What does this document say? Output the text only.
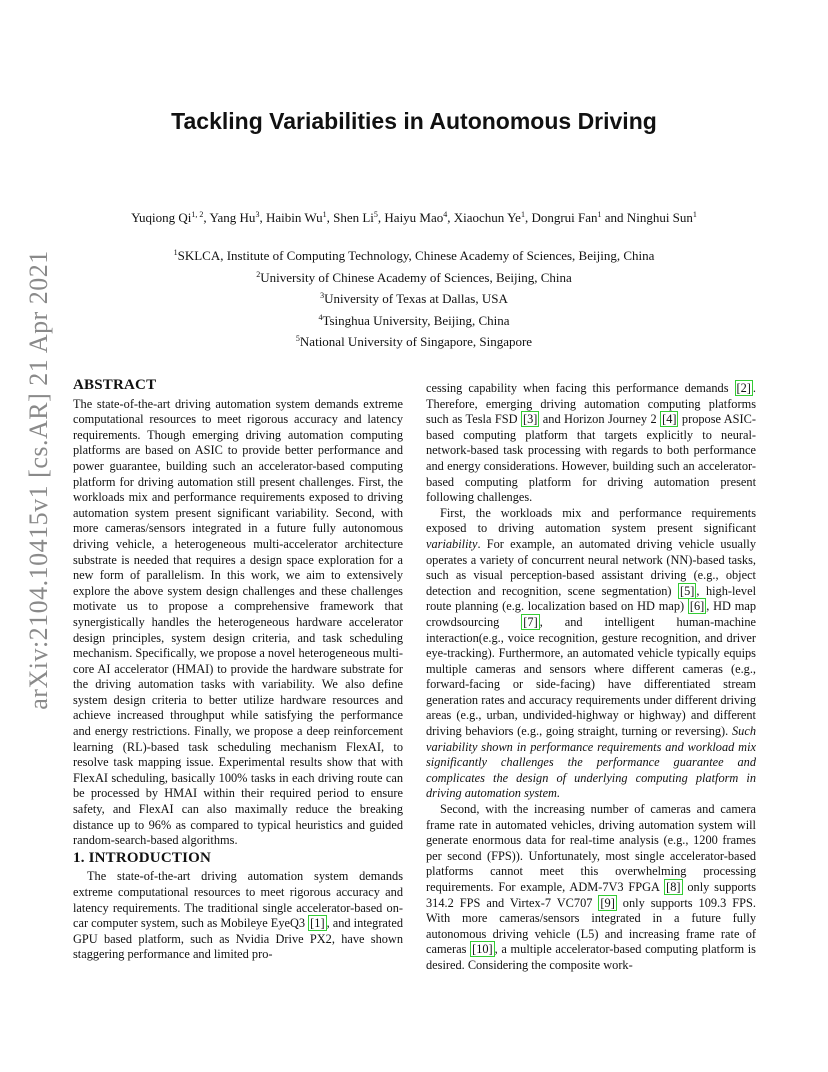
arXiv:2104.10415v1 [cs.AR] 21 Apr 2021
Tackling Variabilities in Autonomous Driving
Yuqiong Qi$^{1, 2}$, Yang Hu$^3$, Haibin Wu$^1$, Shen Li$^5$, Haiyu Mao$^4$, Xiaochun Ye$^1$, Dongrui Fan$^1$ and Ninghui Sun$^1$
$^1$SKLCA, Institute of Computing Technology, Chinese Academy of Sciences, Beijing, China
$^2$University of Chinese Academy of Sciences, Beijing, China
$^3$University of Texas at Dallas, USA
$^4$Tsinghua University, Beijing, China
$^5$National University of Singapore, Singapore
ABSTRACT

The state-of-the-art driving automation system demands extreme computational resources to meet rigorous accuracy and latency requirements. Though emerging driving automation computing platforms are based on ASIC to provide better performance and power guarantee, building such an accelerator-based computing platform for driving automation still present challenges. First, the workloads mix and performance requirements exposed to driving automation system present significant variability. Second, with more cameras/sensors integrated in a future fully autonomous driving vehicle, a heterogeneous multi-accelerator architecture substrate is needed that requires a design space exploration for a new form of parallelism. In this work, we aim to extensively explore the above system design challenges and these challenges motivate us to propose a comprehensive framework that synergistically handles the heterogeneous hardware accelerator design principles, system design criteria, and task scheduling mechanism. Specifically, we propose a novel heterogeneous multi-core AI accelerator (HMAI) to provide the hardware substrate for the driving automation tasks with variability. We also define system design criteria to better utilize hardware resources and achieve increased throughput while satisfying the performance and energy restrictions. Finally, we propose a deep reinforcement learning (RL)-based task scheduling mechanism FlexAI, to resolve task mapping issue. Experimental results show that with FlexAI scheduling, basically 100% tasks in each driving route can be processed by HMAI within their required period to ensure safety, and FlexAI can also maximally reduce the breaking distance up to 96% as compared to typical heuristics and guided random-search-based algorithms.

1. INTRODUCTION

The state-of-the-art driving automation system demands extreme computational resources to meet rigorous accuracy and latency requirements. The traditional single accelerator-based on-car computer system, such as Mobileye EyeQ3 [1] , and integrated GPU based platform, such as Nvidia Drive PX2, have shown staggering performance and limited pro-

cessing capability when facing this performance demands [2] . Therefore, emerging driving automation computing platforms such as Tesla FSD [3] and Horizon Journey 2 [4] propose ASIC-based computing platform that targets explicitly to neural-network-based task processing with regards to both performance and energy considerations. However, building such an accelerator-based computing platform for driving automation present following challenges.

First, the workloads mix and performance requirements exposed to driving automation system present significant variability. For example, an automated driving vehicle usually operates a variety of concurrent neural network (NN)-based tasks, such as visual perception-based assistant driving (e.g., object detection and recognition, scene segmentation) [5] , high-level route planning (e.g. localization based on HD map) [6] , HD map crowdsourcing [7] , and intelligent human-machine interaction(e.g., voice recognition, gesture recognition, and driver eye-tracking). Furthermore, an automated vehicle typically equips multiple cameras and sensors where different cameras (e.g., forward-facing or side-facing) have differentiated stream generation rates and accuracy requirements under different driving areas (e.g., urban, undivided-highway or highway) and different driving behaviors (e.g., going straight, turning or reversing). Such variability shown in performance requirements and workload mix significantly challenges the performance guarantee and complicates the design of underlying computing platform in driving automation system.

Second, with the increasing number of cameras and camera frame rate in automated vehicles, driving automation system will generate enormous data for real-time analysis (e.g., 1200 frames per second (FPS)). Unfortunately, most single accelerator-based platforms cannot meet this overwhelming processing requirements. For example, ADM-7V3 FPGA [8] only supports 314.2 FPS and Virtex-7 VC707 [9] only supports 109.3 FPS. With more cameras/sensors integrated in a future fully autonomous driving vehicle (L5) and increasing frame rate of cameras [10] , a multiple accelerator-based computing platform is desired. Considering the composite work-
